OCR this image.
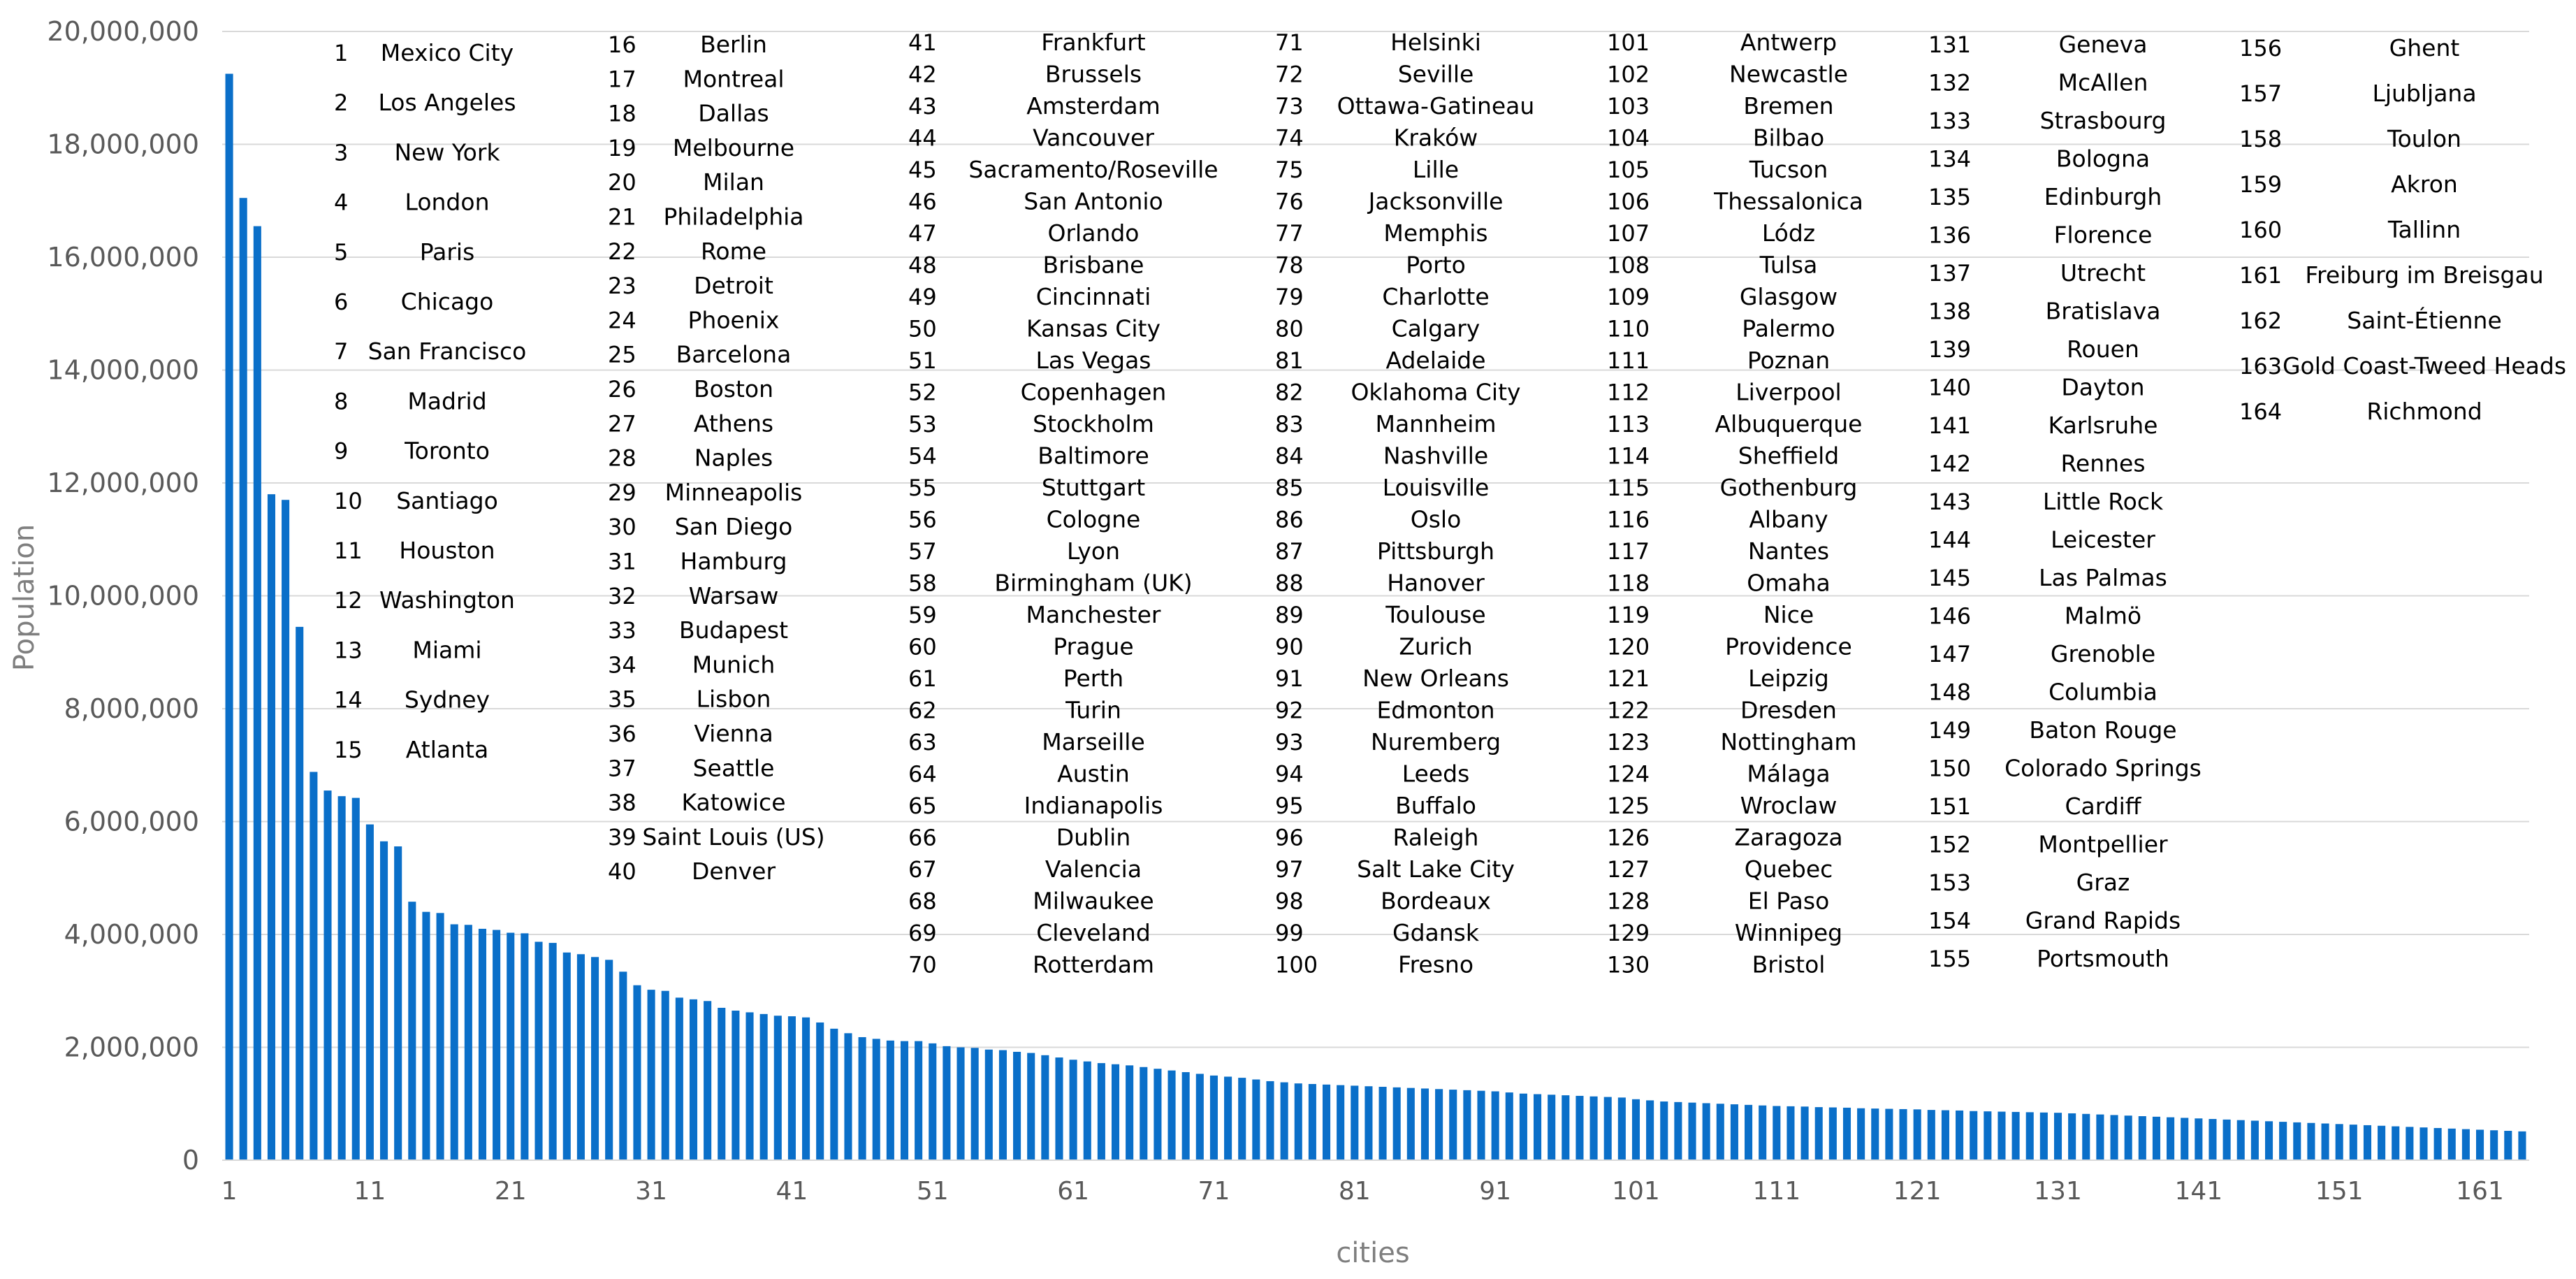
0
2,000,000
4,000,000
6,000,000
8,000,000
10,000,000
12,000,000
14,000,000
16,000,000
18,000,000
20,000,000
1	11	21	31	41	51	61	71	81	91	101	111	121	131	141	151	161
1 Mexico City
2 Los Angeles
3 New York
4 London
5	Paris
6 Chicago
7 San Francisco
8	Madrid
9 Toronto
10 Santiago
11 Houston
12 Washington
13 Miami
14 Sydney
15 Atlanta
16	Berlin
17 Montreal
18	Dallas
19 Melbourne
20	Milan
21 Philadelphia
22	Rome
23 Detroit
24 Phoenix
25 Barcelona
26 Boston
27 Athens
28	Naples
29 Minneapolis
30 San Diego
31 Hamburg
32 Warsaw
33 Budapest
34 Munich
35	Lisbon
36	Vienna
37 Seattle
38 Katowice
39 Saint Louis (US)
40 Denver
41	Frankfurt
42	Brussels
43	Amsterdam
44	Vancouver
45 Sacramento/Roseville
46	San Antonio
47	Orlando
48	Brisbane
49	Cincinnati
50	Kansas City
51	Las Vegas
52	Copenhagen
53	Stockholm
54	Baltimore
55	Stuttgart
56	Cologne
57	Lyon
58	Birmingham (UK)
59	Manchester
60	Prague
61	Perth
62	Turin
63	Marseille
64	Austin
65	Indianapolis
66	Dublin
67	Valencia
68	Milwaukee
69	Cleveland
70	Rotterdam
71	Helsinki
72	Seville
73 Ottawa-Gatineau
74	Kraków
75	Lille
76	Jacksonville
77	Memphis
78	Porto
79	Charlotte
80	Calgary
81	Adelaide
82 Oklahoma City
83	Mannheim
84	Nashville
85	Louisville
86	Oslo
87	Pittsburgh
88	Hanover
89	Toulouse
90	Zurich
91	New Orleans
92	Edmonton
93	Nuremberg
94	Leeds
95	Buffalo
96	Raleigh
97 Salt Lake City
98	Bordeaux
99	Gdansk
100	Fresno
101	Antwerp
102	Newcastle
103	Bremen
104	Bilbao
105	Tucson
106	Thessalonica
107	Lódz
108	Tulsa
109	Glasgow
110	Palermo
111	Poznan
112	Liverpool
113	Albuquerque
114	Sheffield
115	Gothenburg
116	Albany
117	Nantes
118	Omaha
119	Nice
120	Providence
121	Leipzig
122	Dresden
123	Nottingham
124	Málaga
125	Wroclaw
126	Zaragoza
127	Quebec
128	El Paso
129	Winnipeg
130	Bristol
131	Geneva
132	McAllen
133	Strasbourg
134	Bologna
135	Edinburgh
136	Florence
137	Utrecht
138	Bratislava
139	Rouen
140	Dayton
141	Karlsruhe
142	Rennes
143	Little Rock
144	Leicester
145	Las Palmas
146	Malmö
147	Grenoble
148	Columbia
149	Baton Rouge
150 Colorado Springs
151	Cardiff
152	Montpellier
153	Graz
154 Grand Rapids
155	Portsmouth
156	Ghent
157	Ljubljana
158	Toulon
159	Akron
160	Tallinn
161 Freiburg im Breisgau
162	Saint-Étienne
163 Gold Coast-Tweed Heads
164	Richmond
Population
cities
